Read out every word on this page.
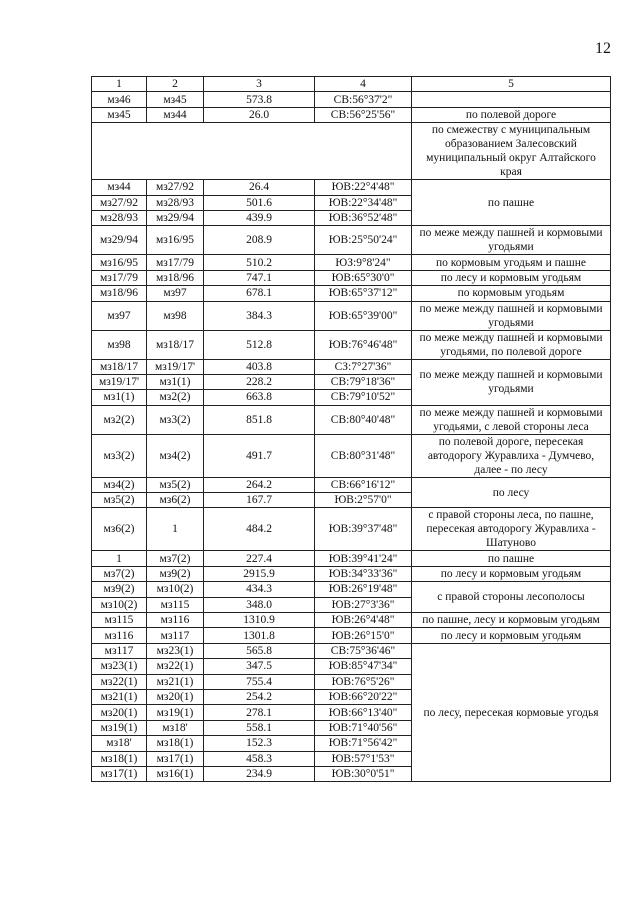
12
1	2	3	4	5
мз46	мз45	573.8	СВ:56°37'2"	
мз45	мз44	26.0	СВ:56°25'56"	по полевой дороге
				по смежеству с муниципальным образованием Залесовский муниципальный округ Алтайского края
мз44	мз27/92	26.4	ЮВ:22°4'48"	по пашне
мз27/92	мз28/93	501.6	ЮВ:22°34'48"	
мз28/93	мз29/94	439.9	ЮВ:36°52'48"	
мз29/94	мз16/95	208.9	ЮВ:25°50'24"	по меже между пашней и кормовыми угодьями
мз16/95	мз17/79	510.2	ЮЗ:9°8'24"	по кормовым угодьям и пашне
мз17/79	мз18/96	747.1	ЮВ:65°30'0"	по лесу и кормовым угодьям
мз18/96	мз97	678.1	ЮВ:65°37'12"	по кормовым угодьям
мз97	мз98	384.3	ЮВ:65°39'00"	по меже между пашней и кормовыми угодьями
мз98	мз18/17	512.8	ЮВ:76°46'48"	по меже между пашней и кормовыми угодьями, по полевой дороге
мз18/17	мз19/17'	403.8	СЗ:7°27'36"	по меже между пашней и кормовыми угодьями
мз19/17'	мз1(1)	228.2	СВ:79°18'36"	
мз1(1)	мз2(2)	663.8	СВ:79°10'52"	
мз2(2)	мз3(2)	851.8	СВ:80°40'48"	по меже между пашней и кормовыми угодьями, с левой стороны леса
мз3(2)	мз4(2)	491.7	СВ:80°31'48"	по полевой дороге, пересекая автодорогу Журавлиха - Думчево, далее - по лесу
мз4(2)	мз5(2)	264.2	СВ:66°16'12"	по лесу
мз5(2)	мз6(2)	167.7	ЮВ:2°57'0"	
мз6(2)	1	484.2	ЮВ:39°37'48"	с правой стороны леса, по пашне, пересекая автодорогу Журавлиха - Шатуново
1	мз7(2)	227.4	ЮВ:39°41'24"	по пашне
мз7(2)	мз9(2)	2915.9	ЮВ:34°33'36"	по лесу и кормовым угодьям
мз9(2)	мз10(2)	434.3	ЮВ:26°19'48"	с правой стороны лесополосы
мз10(2)	мз115	348.0	ЮВ:27°3'36"	
мз115	мз116	1310.9	ЮВ:26°4'48"	по пашне, лесу и кормовым угодьям
мз116	мз117	1301.8	ЮВ:26°15'0"	по лесу и кормовым угодьям
мз117	мз23(1)	565.8	СВ:75°36'46"	по лесу, пересекая кормовые угодья
мз23(1)	мз22(1)	347.5	ЮВ:85°47'34"	
мз22(1)	мз21(1)	755.4	ЮВ:76°5'26"	
мз21(1)	мз20(1)	254.2	ЮВ:66°20'22"	
мз20(1)	мз19(1)	278.1	ЮВ:66°13'40"	
мз19(1)	мз18'	558.1	ЮВ:71°40'56"	
мз18'	мз18(1)	152.3	ЮВ:71°56'42"	
мз18(1)	мз17(1)	458.3	ЮВ:57°1'53"	
мз17(1)	мз16(1)	234.9	ЮВ:30°0'51"	
